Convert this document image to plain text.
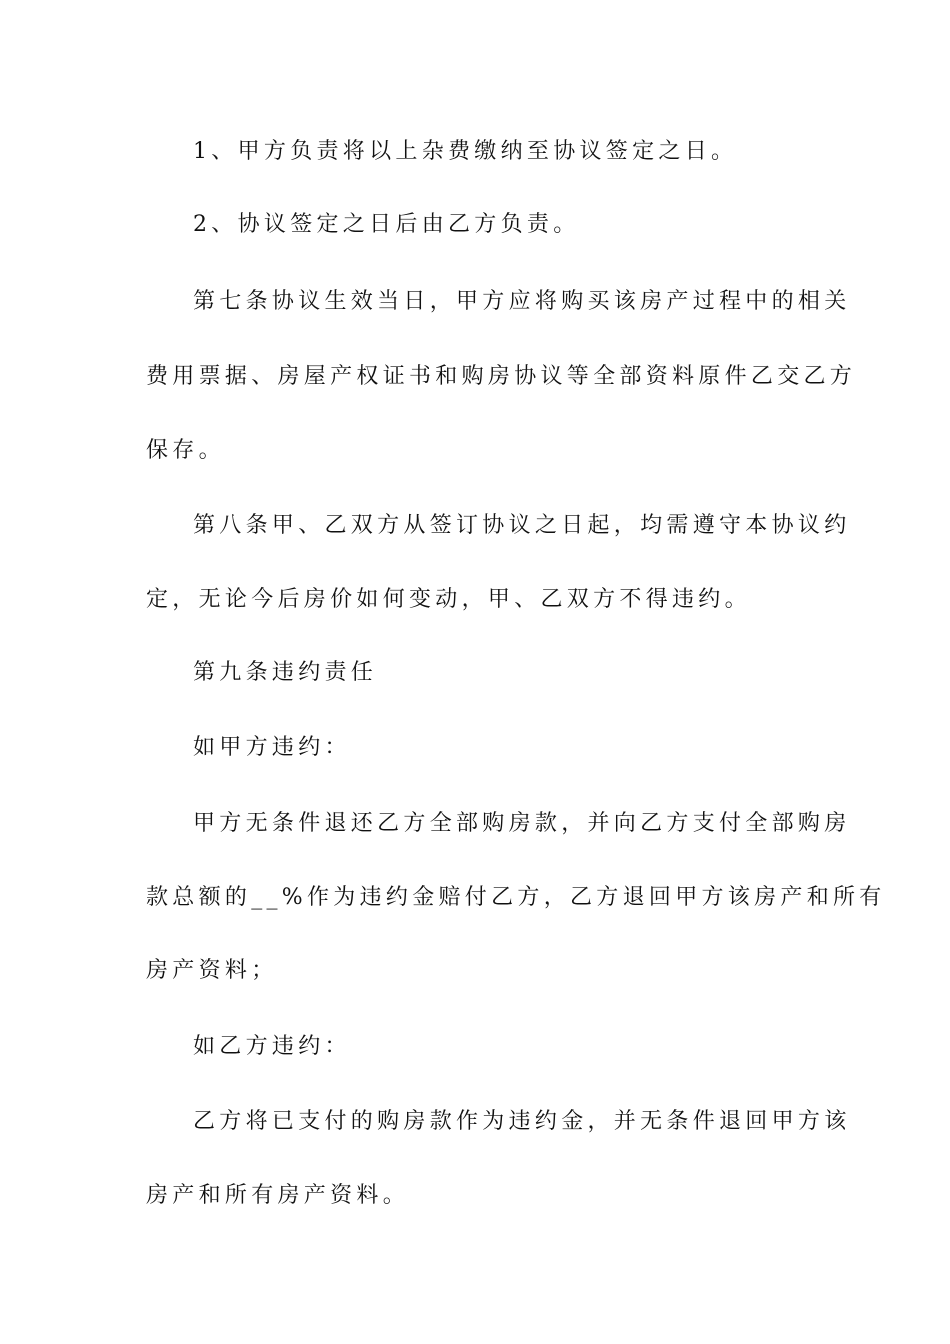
1、甲方负责将以上杂费缴纳至协议签定之日。
2、协议签定之日后由乙方负责。
第七条协议生效当日，甲方应将购买该房产过程中的相关
费用票据、房屋产权证书和购房协议等全部资料原件乙交乙方
保存。
第八条甲、乙双方从签订协议之日起，均需遵守本协议约
定，无论今后房价如何变动，甲、乙双方不得违约。
第九条违约责任
如甲方违约：
甲方无条件退还乙方全部购房款，并向乙方支付全部购房
款总额的__%作为违约金赔付乙方，乙方退回甲方该房产和所有
房产资料；
如乙方违约：
乙方将已支付的购房款作为违约金，并无条件退回甲方该
房产和所有房产资料。
